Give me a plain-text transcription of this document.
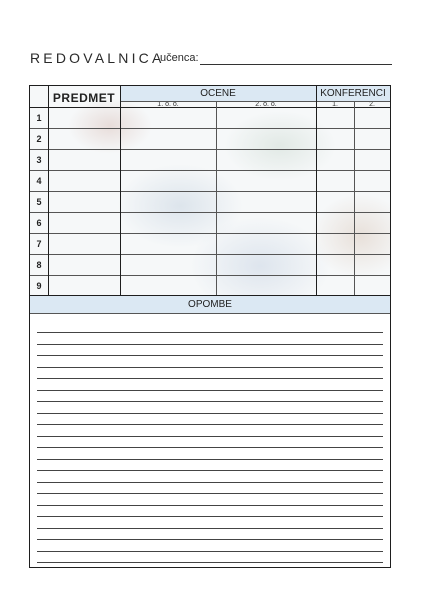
REDOVALNICA
učenca:
PREDMET	OCENE	KONFERENCI
1. o. o.	2. o. o.	1.	2.
1
2
3
4
5
6
7
8
9
OPOMBE
